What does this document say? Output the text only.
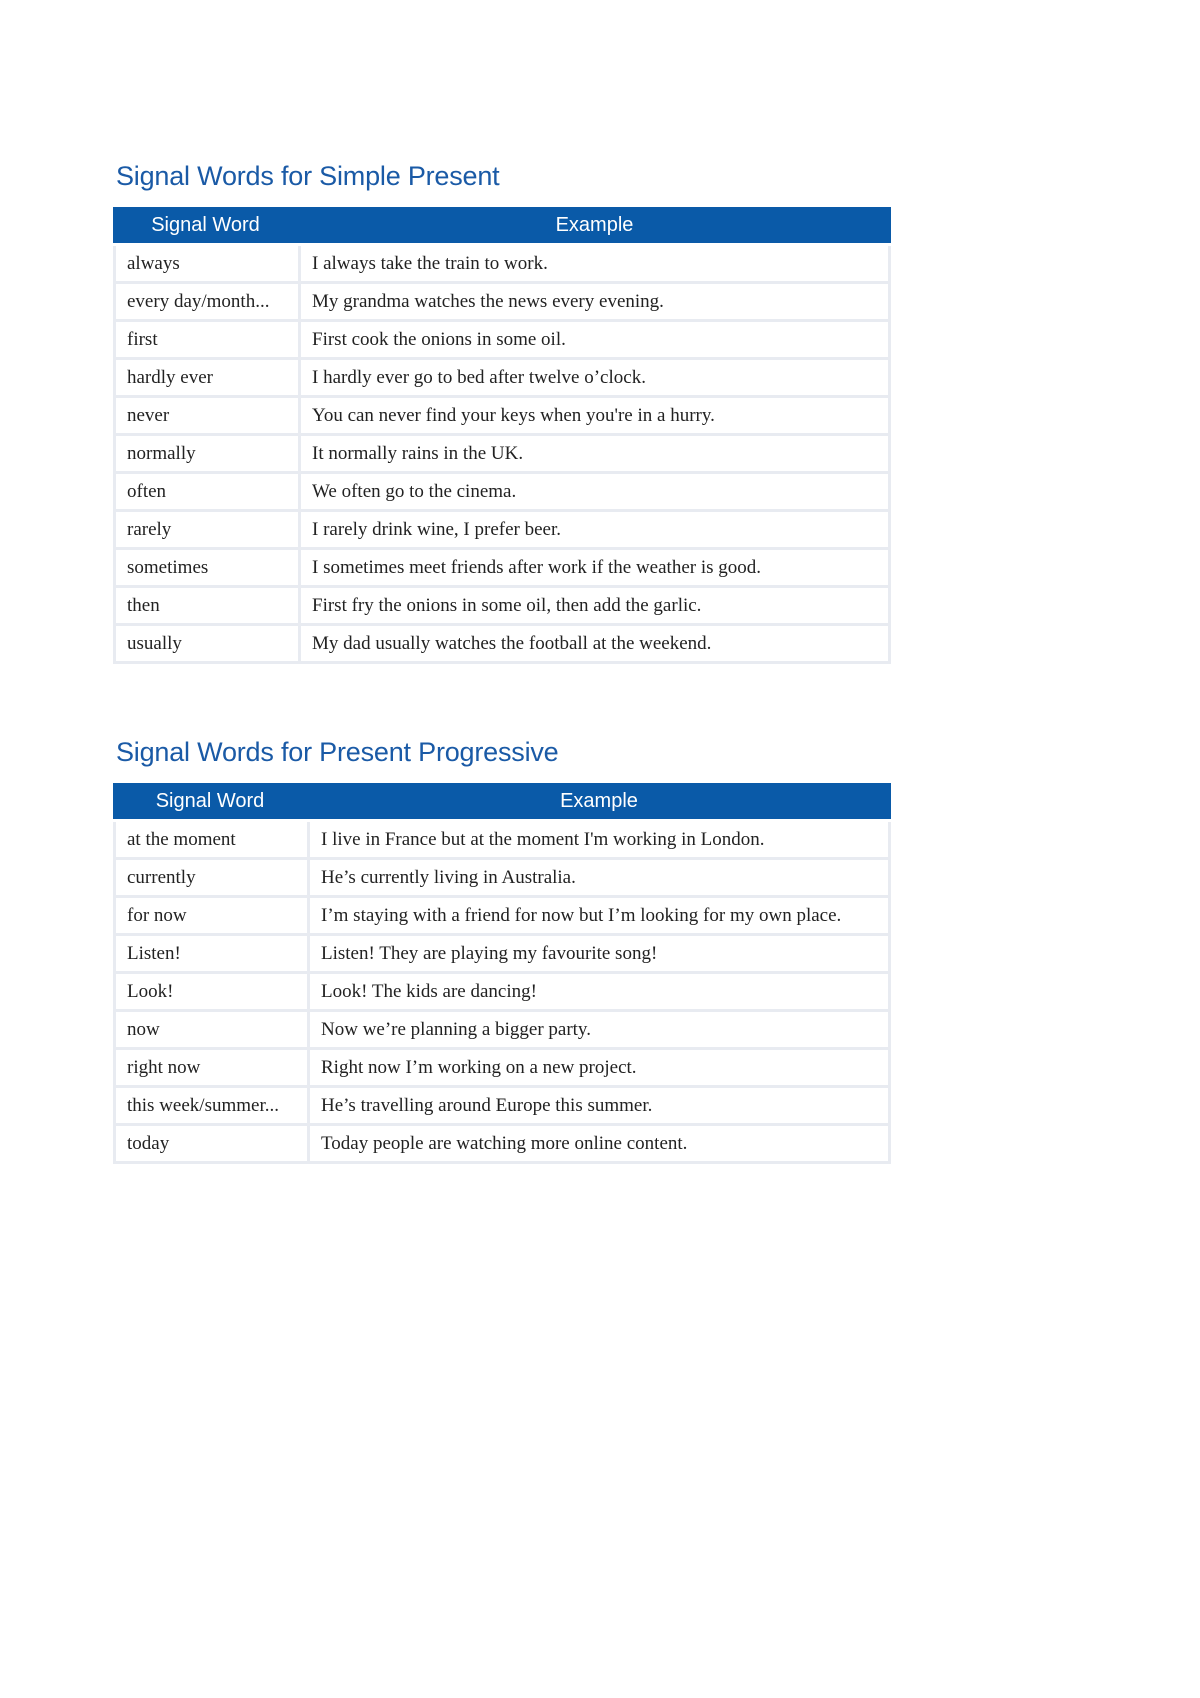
Signal Words for Simple Present
Signal Word	Example
always	I always take the train to work.
every day/month...	My grandma watches the news every evening.
first	First cook the onions in some oil.
hardly ever	I hardly ever go to bed after twelve o’clock.
never	You can never find your keys when you're in a hurry.
normally	It normally rains in the UK.
often	We often go to the cinema.
rarely	I rarely drink wine, I prefer beer.
sometimes	I sometimes meet friends after work if the weather is good.
then	First fry the onions in some oil, then add the garlic.
usually	My dad usually watches the football at the weekend.
Signal Words for Present Progressive
Signal Word	Example
at the moment	I live in France but at the moment I'm working in London.
currently	He’s currently living in Australia.
for now	I’m staying with a friend for now but I’m looking for my own place.
Listen!	Listen! They are playing my favourite song!
Look!	Look! The kids are dancing!
now	Now we’re planning a bigger party.
right now	Right now I’m working on a new project.
this week/summer...	He’s travelling around Europe this summer.
today	Today people are watching more online content.
